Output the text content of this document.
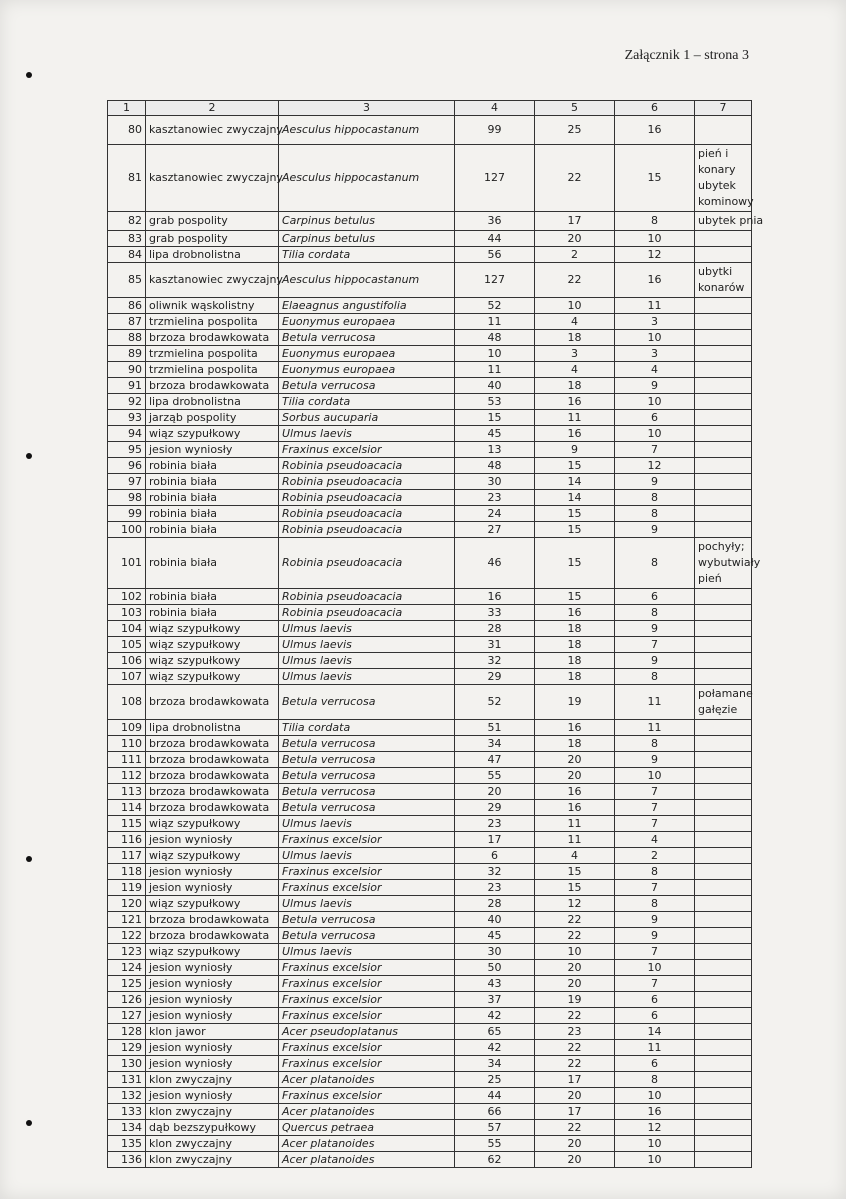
Załącznik 1 – strona 3
1	2	3	4	5	6	7
80	kasztanowiec zwyczajny	Aesculus hippocastanum	99	25	16	
81	kasztanowiec zwyczajny	Aesculus hippocastanum	127	22	15	pień i konary ubytek kominowy
82	grab pospolity	Carpinus betulus	36	17	8	ubytek pnia
83	grab pospolity	Carpinus betulus	44	20	10	
84	lipa drobnolistna	Tilia cordata	56	2	12	
85	kasztanowiec zwyczajny	Aesculus hippocastanum	127	22	16	ubytki konarów
86	oliwnik wąskolistny	Elaeagnus angustifolia	52	10	11	
87	trzmielina pospolita	Euonymus europaea	11	4	3	
88	brzoza brodawkowata	Betula verrucosa	48	18	10	
89	trzmielina pospolita	Euonymus europaea	10	3	3	
90	trzmielina pospolita	Euonymus europaea	11	4	4	
91	brzoza brodawkowata	Betula verrucosa	40	18	9	
92	lipa drobnolistna	Tilia cordata	53	16	10	
93	jarząb pospolity	Sorbus aucuparia	15	11	6	
94	wiąz szypułkowy	Ulmus laevis	45	16	10	
95	jesion wyniosły	Fraxinus excelsior	13	9	7	
96	robinia biała	Robinia pseudoacacia	48	15	12	
97	robinia biała	Robinia pseudoacacia	30	14	9	
98	robinia biała	Robinia pseudoacacia	23	14	8	
99	robinia biała	Robinia pseudoacacia	24	15	8	
100	robinia biała	Robinia pseudoacacia	27	15	9	
101	robinia biała	Robinia pseudoacacia	46	15	8	pochyły; wybutwiały pień
102	robinia biała	Robinia pseudoacacia	16	15	6	
103	robinia biała	Robinia pseudoacacia	33	16	8	
104	wiąz szypułkowy	Ulmus laevis	28	18	9	
105	wiąz szypułkowy	Ulmus laevis	31	18	7	
106	wiąz szypułkowy	Ulmus laevis	32	18	9	
107	wiąz szypułkowy	Ulmus laevis	29	18	8	
108	brzoza brodawkowata	Betula verrucosa	52	19	11	połamane gałęzie
109	lipa drobnolistna	Tilia cordata	51	16	11	
110	brzoza brodawkowata	Betula verrucosa	34	18	8	
111	brzoza brodawkowata	Betula verrucosa	47	20	9	
112	brzoza brodawkowata	Betula verrucosa	55	20	10	
113	brzoza brodawkowata	Betula verrucosa	20	16	7	
114	brzoza brodawkowata	Betula verrucosa	29	16	7	
115	wiąz szypułkowy	Ulmus laevis	23	11	7	
116	jesion wyniosły	Fraxinus excelsior	17	11	4	
117	wiąz szypułkowy	Ulmus laevis	6	4	2	
118	jesion wyniosły	Fraxinus excelsior	32	15	8	
119	jesion wyniosły	Fraxinus excelsior	23	15	7	
120	wiąz szypułkowy	Ulmus laevis	28	12	8	
121	brzoza brodawkowata	Betula verrucosa	40	22	9	
122	brzoza brodawkowata	Betula verrucosa	45	22	9	
123	wiąz szypułkowy	Ulmus laevis	30	10	7	
124	jesion wyniosły	Fraxinus excelsior	50	20	10	
125	jesion wyniosły	Fraxinus excelsior	43	20	7	
126	jesion wyniosły	Fraxinus excelsior	37	19	6	
127	jesion wyniosły	Fraxinus excelsior	42	22	6	
128	klon jawor	Acer pseudoplatanus	65	23	14	
129	jesion wyniosły	Fraxinus excelsior	42	22	11	
130	jesion wyniosły	Fraxinus excelsior	34	22	6	
131	klon zwyczajny	Acer platanoides	25	17	8	
132	jesion wyniosły	Fraxinus excelsior	44	20	10	
133	klon zwyczajny	Acer platanoides	66	17	16	
134	dąb bezszypułkowy	Quercus petraea	57	22	12	
135	klon zwyczajny	Acer platanoides	55	20	10	
136	klon zwyczajny	Acer platanoides	62	20	10	
